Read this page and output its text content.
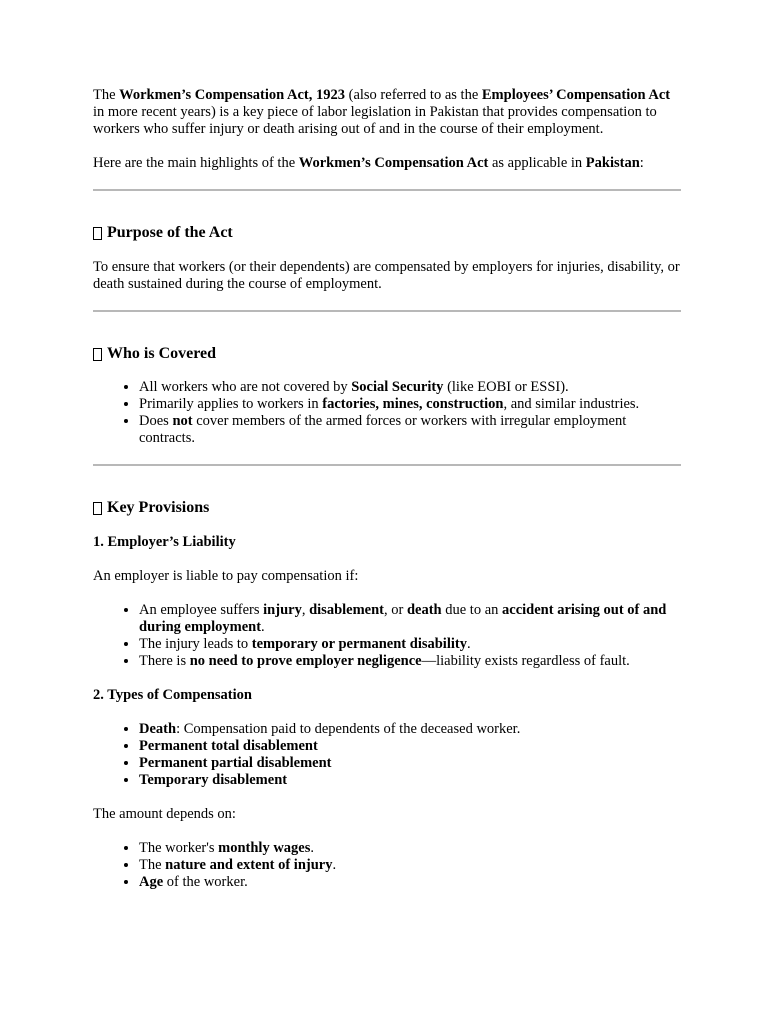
The Workmen’s Compensation Act, 1923 (also referred to as the Employees’ Compensation Act in more recent years) is a key piece of labor legislation in Pakistan that provides compensation to workers who suffer injury or death arising out of and in the course of their employment.

Here are the main highlights of the Workmen’s Compensation Act as applicable in Pakistan:

Purpose of the Act

To ensure that workers (or their dependents) are compensated by employers for injuries, disability, or death sustained during the course of employment.

Who is Covered
• All workers who are not covered by Social Security (like EOBI or ESSI).
• Primarily applies to workers in factories, mines, construction, and similar industries.
• Does not cover members of the armed forces or workers with irregular employment contracts.
Key Provisions
1. Employer’s Liability

An employer is liable to pay compensation if:

• An employee suffers injury, disablement, or death due to an accident arising out of and during employment.
• The injury leads to temporary or permanent disability.
• There is no need to prove employer negligence—liability exists regardless of fault.
2. Types of Compensation
• Death: Compensation paid to dependents of the deceased worker.
• Permanent total disablement
• Permanent partial disablement
• Temporary disablement

The amount depends on:

• The worker's monthly wages.
• The nature and extent of injury.
• Age of the worker.
